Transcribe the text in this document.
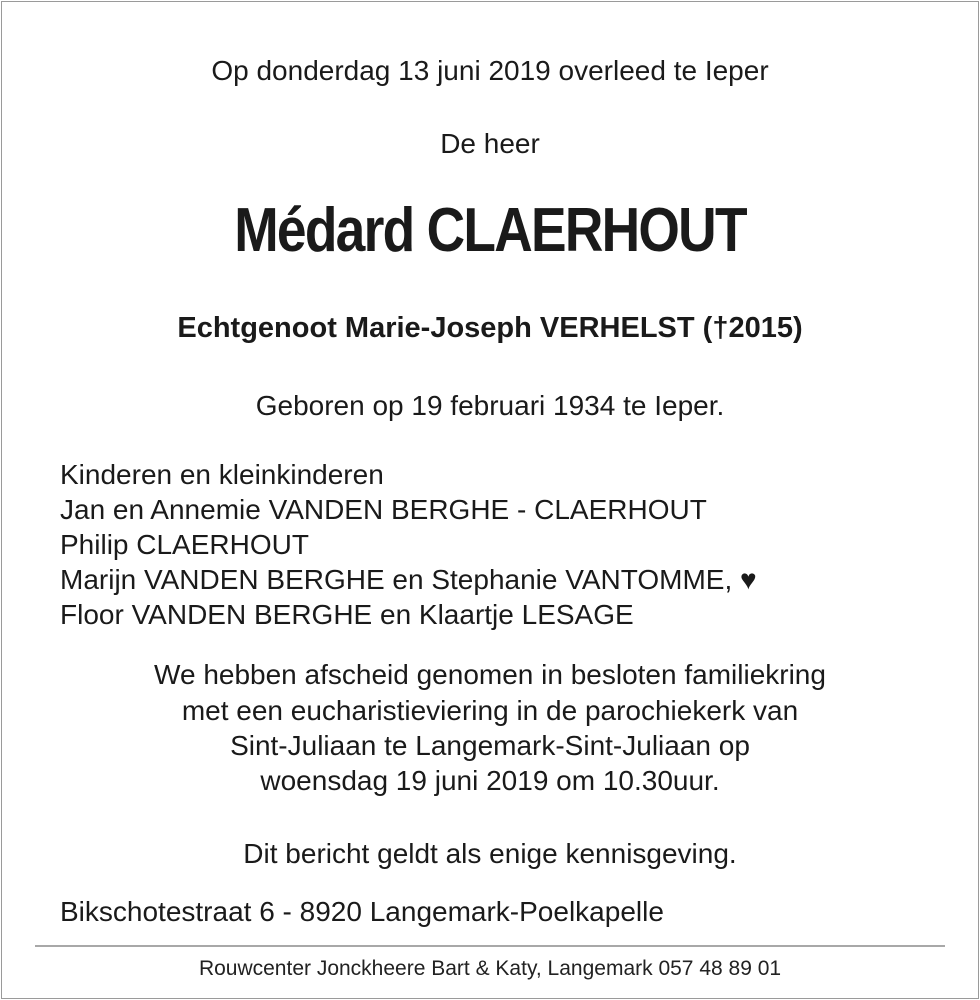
Op donderdag 13 juni 2019 overleed te Ieper
De heer
Médard CLAERHOUT
Echtgenoot Marie-Joseph VERHELST (†2015)
Geboren op 19 februari 1934 te Ieper.
Kinderen en kleinkinderen
Jan en Annemie VANDEN BERGHE - CLAERHOUT
Philip CLAERHOUT
Marijn VANDEN BERGHE en Stephanie VANTOMME, ♥
Floor VANDEN BERGHE en Klaartje LESAGE
We hebben afscheid genomen in besloten familiekring
met een eucharistieviering in de parochiekerk van
Sint-Juliaan te Langemark-Sint-Juliaan op
woensdag 19 juni 2019 om 10.30uur.
Dit bericht geldt als enige kennisgeving.
Bikschotestraat 6 - 8920 Langemark-Poelkapelle
Rouwcenter Jonckheere Bart & Katy, Langemark 057 48 89 01
